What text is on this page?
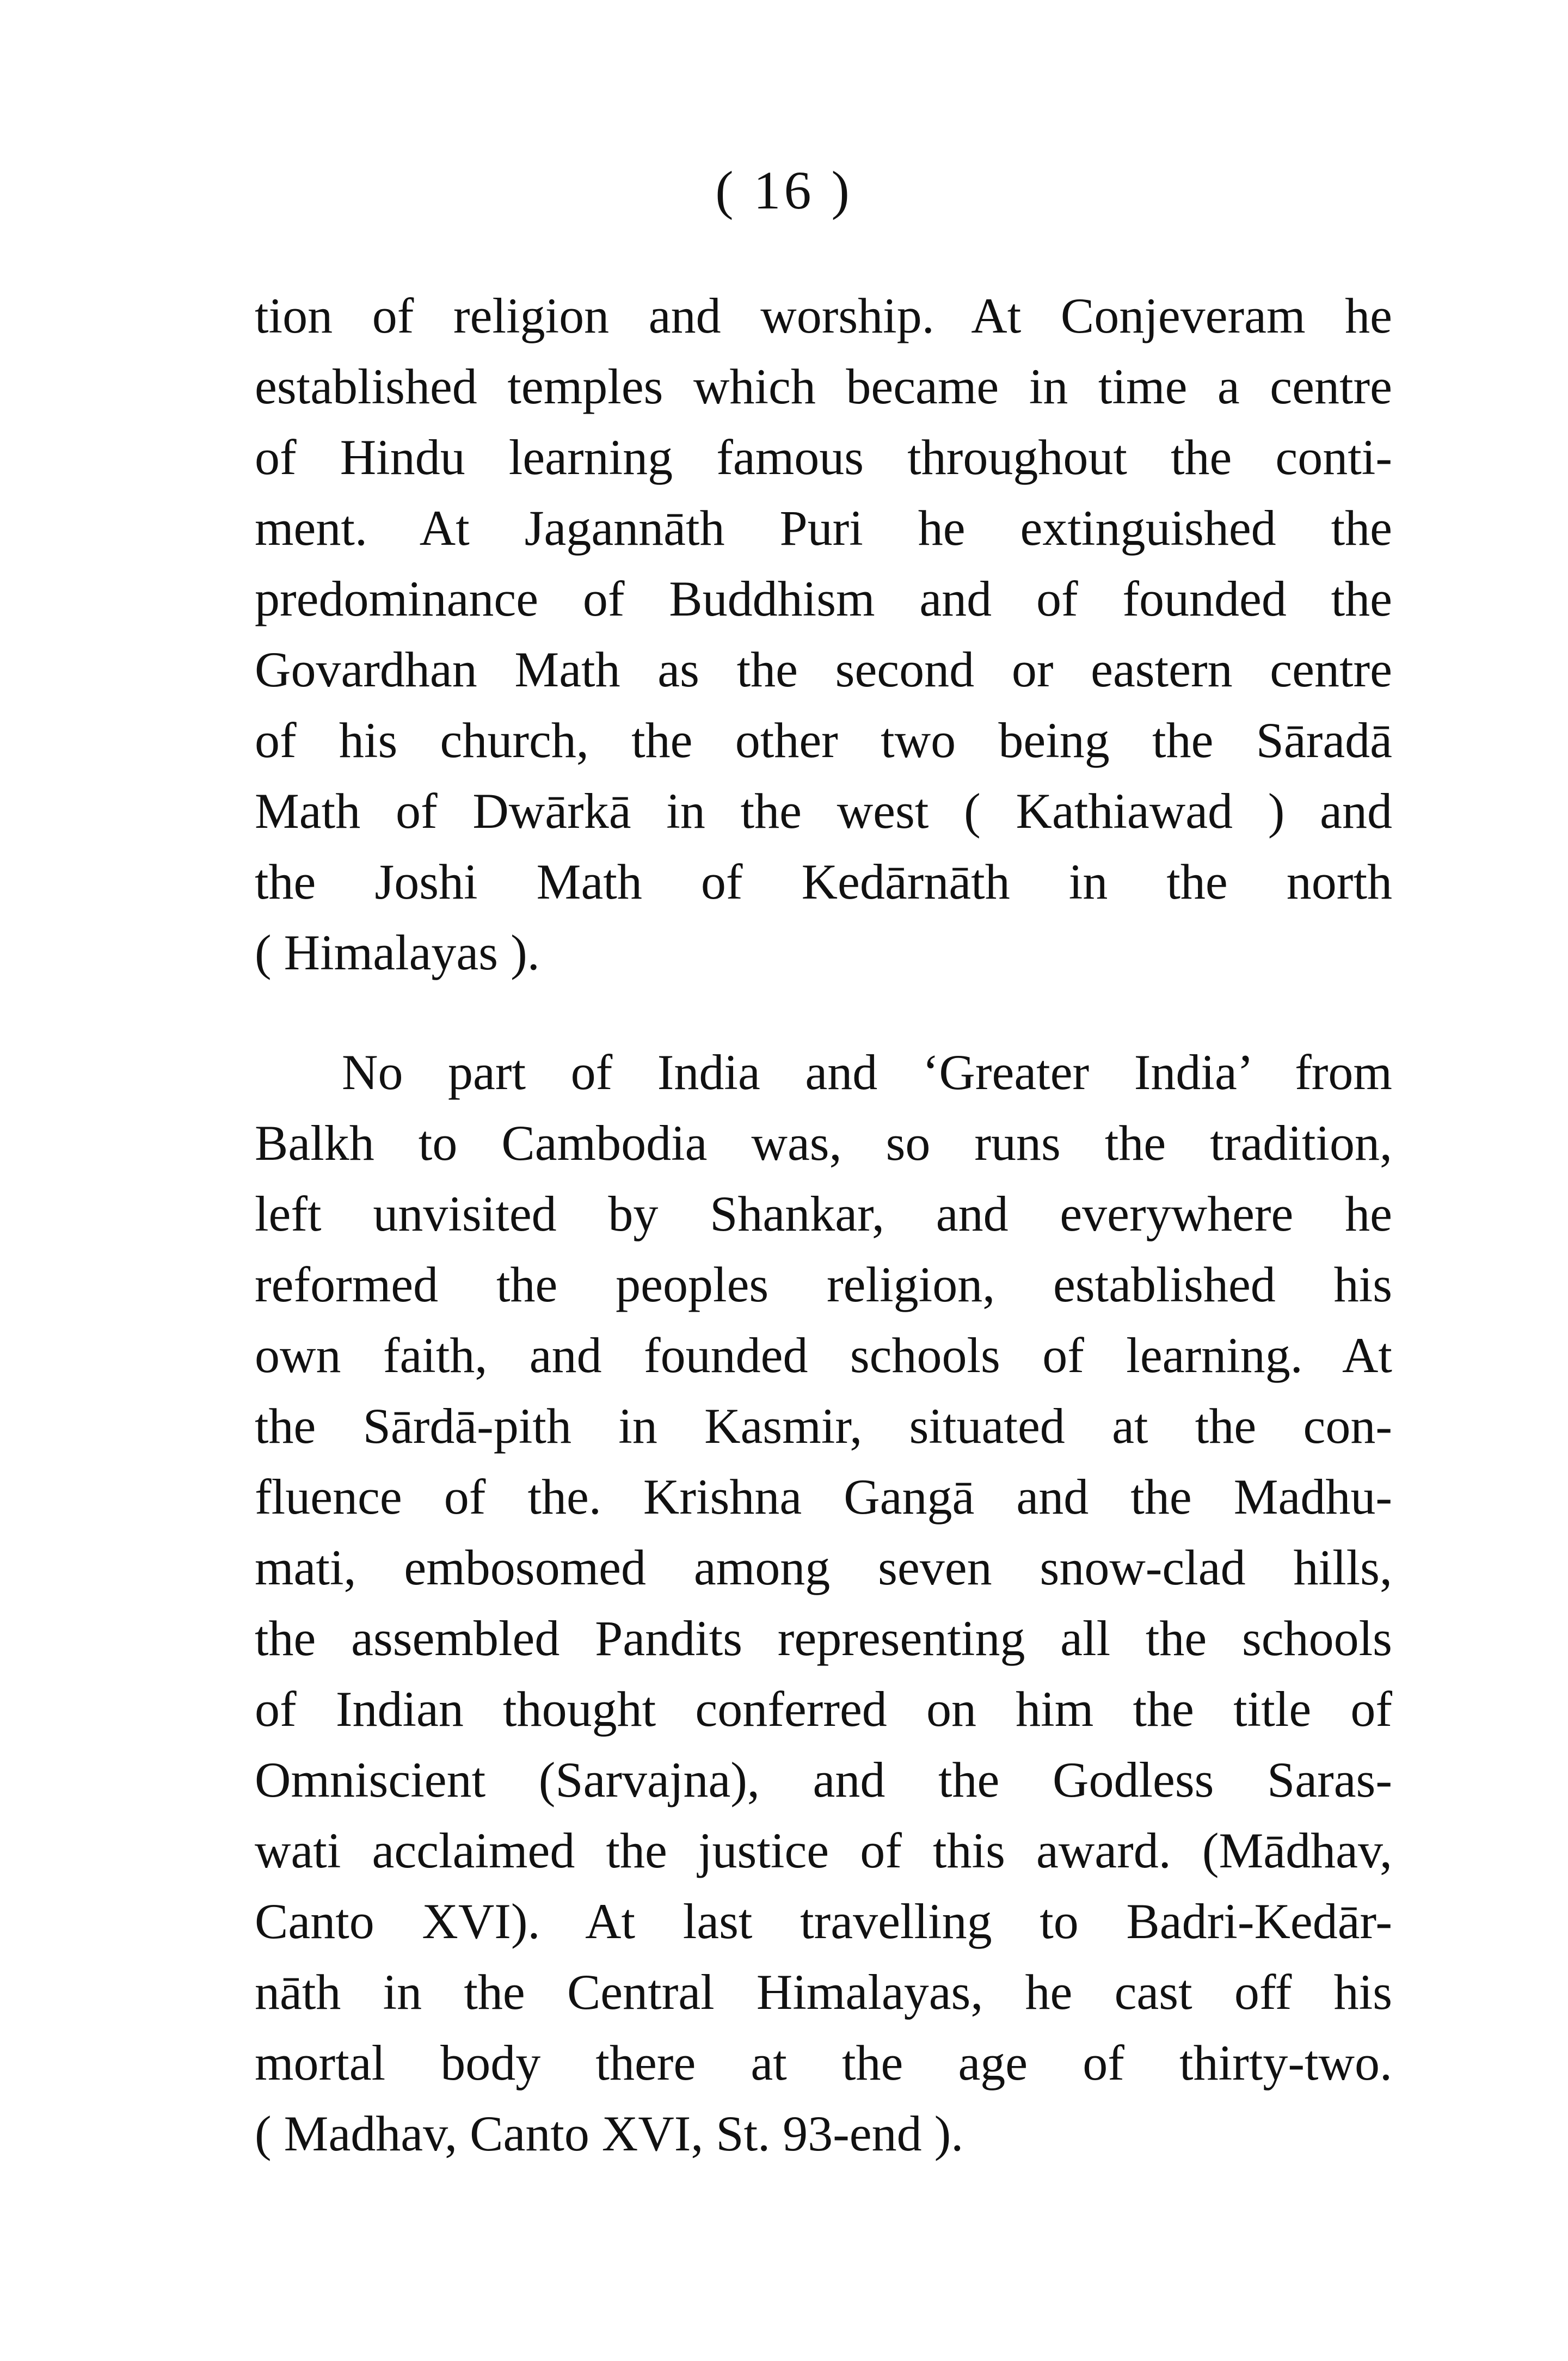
( 16 )
tion of religion and worship. At Conjeveram he
established temples which became in time a centre
of Hindu learning famous throughout the conti-
ment. At Jagannāth Puri he extinguished the
predominance of Buddhism and of founded the
Govardhan Math as the second or eastern centre
of his church, the other two being the Sāradā
Math of Dwārkā in the west ( Kathiawad ) and
the Joshi Math of Kedārnāth in the north
( Himalayas ).
No part of India and ‘Greater India’ from
Balkh to Cambodia was, so runs the tradition,
left unvisited by Shankar, and everywhere he
reformed the peoples religion, established his
own faith, and founded schools of learning. At
the Sārdā-pith in Kasmir, situated at the con-
fluence of the. Krishna Gangā and the Madhu-
mati, embosomed among seven snow-clad hills,
the assembled Pandits representing all the schools
of Indian thought conferred on him the title of
Omniscient (Sarvajna), and the Godless Saras-
wati acclaimed the justice of this award. (Mādhav,
Canto XVI). At last travelling to Badri-Kedār-
nāth in the Central Himalayas, he cast off his
mortal body there at the age of thirty-two.
( Madhav, Canto XVI, St. 93-end ).
